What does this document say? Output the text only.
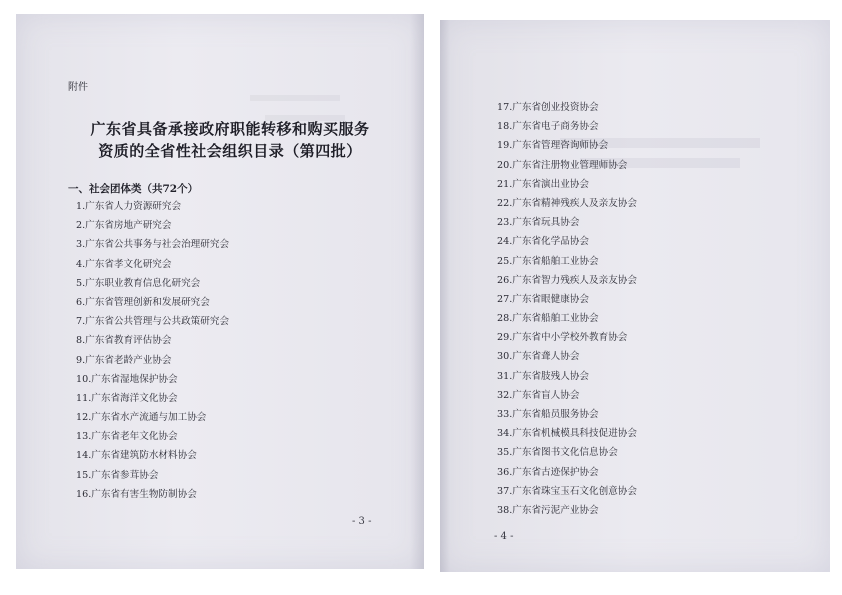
附件
广东省具备承接政府职能转移和购买服务
资质的全省性社会组织目录（第四批）
一、社会团体类（共72个）
1.广东省人力资源研究会
2.广东省房地产研究会
3.广东省公共事务与社会治理研究会
4.广东省孝文化研究会
5.广东职业教育信息化研究会
6.广东省管理创新和发展研究会
7.广东省公共管理与公共政策研究会
8.广东省教育评估协会
9.广东省老龄产业协会
10.广东省湿地保护协会
11.广东省海洋文化协会
12.广东省水产流通与加工协会
13.广东省老年文化协会
14.广东省建筑防水材料协会
15.广东省参茸协会
16.广东省有害生物防制协会
- 3 -
17.广东省创业投资协会
18.广东省电子商务协会
19.广东省管理咨询师协会
20.广东省注册物业管理师协会
21.广东省演出业协会
22.广东省精神残疾人及亲友协会
23.广东省玩具协会
24.广东省化学品协会
25.广东省船舶工业协会
26.广东省智力残疾人及亲友协会
27.广东省眼健康协会
28.广东省船舶工业协会
29.广东省中小学校外教育协会
30.广东省聋人协会
31.广东省肢残人协会
32.广东省盲人协会
33.广东省船员服务协会
34.广东省机械模具科技促进协会
35.广东省图书文化信息协会
36.广东省古迹保护协会
37.广东省珠宝玉石文化创意协会
38.广东省污泥产业协会
- 4 -
